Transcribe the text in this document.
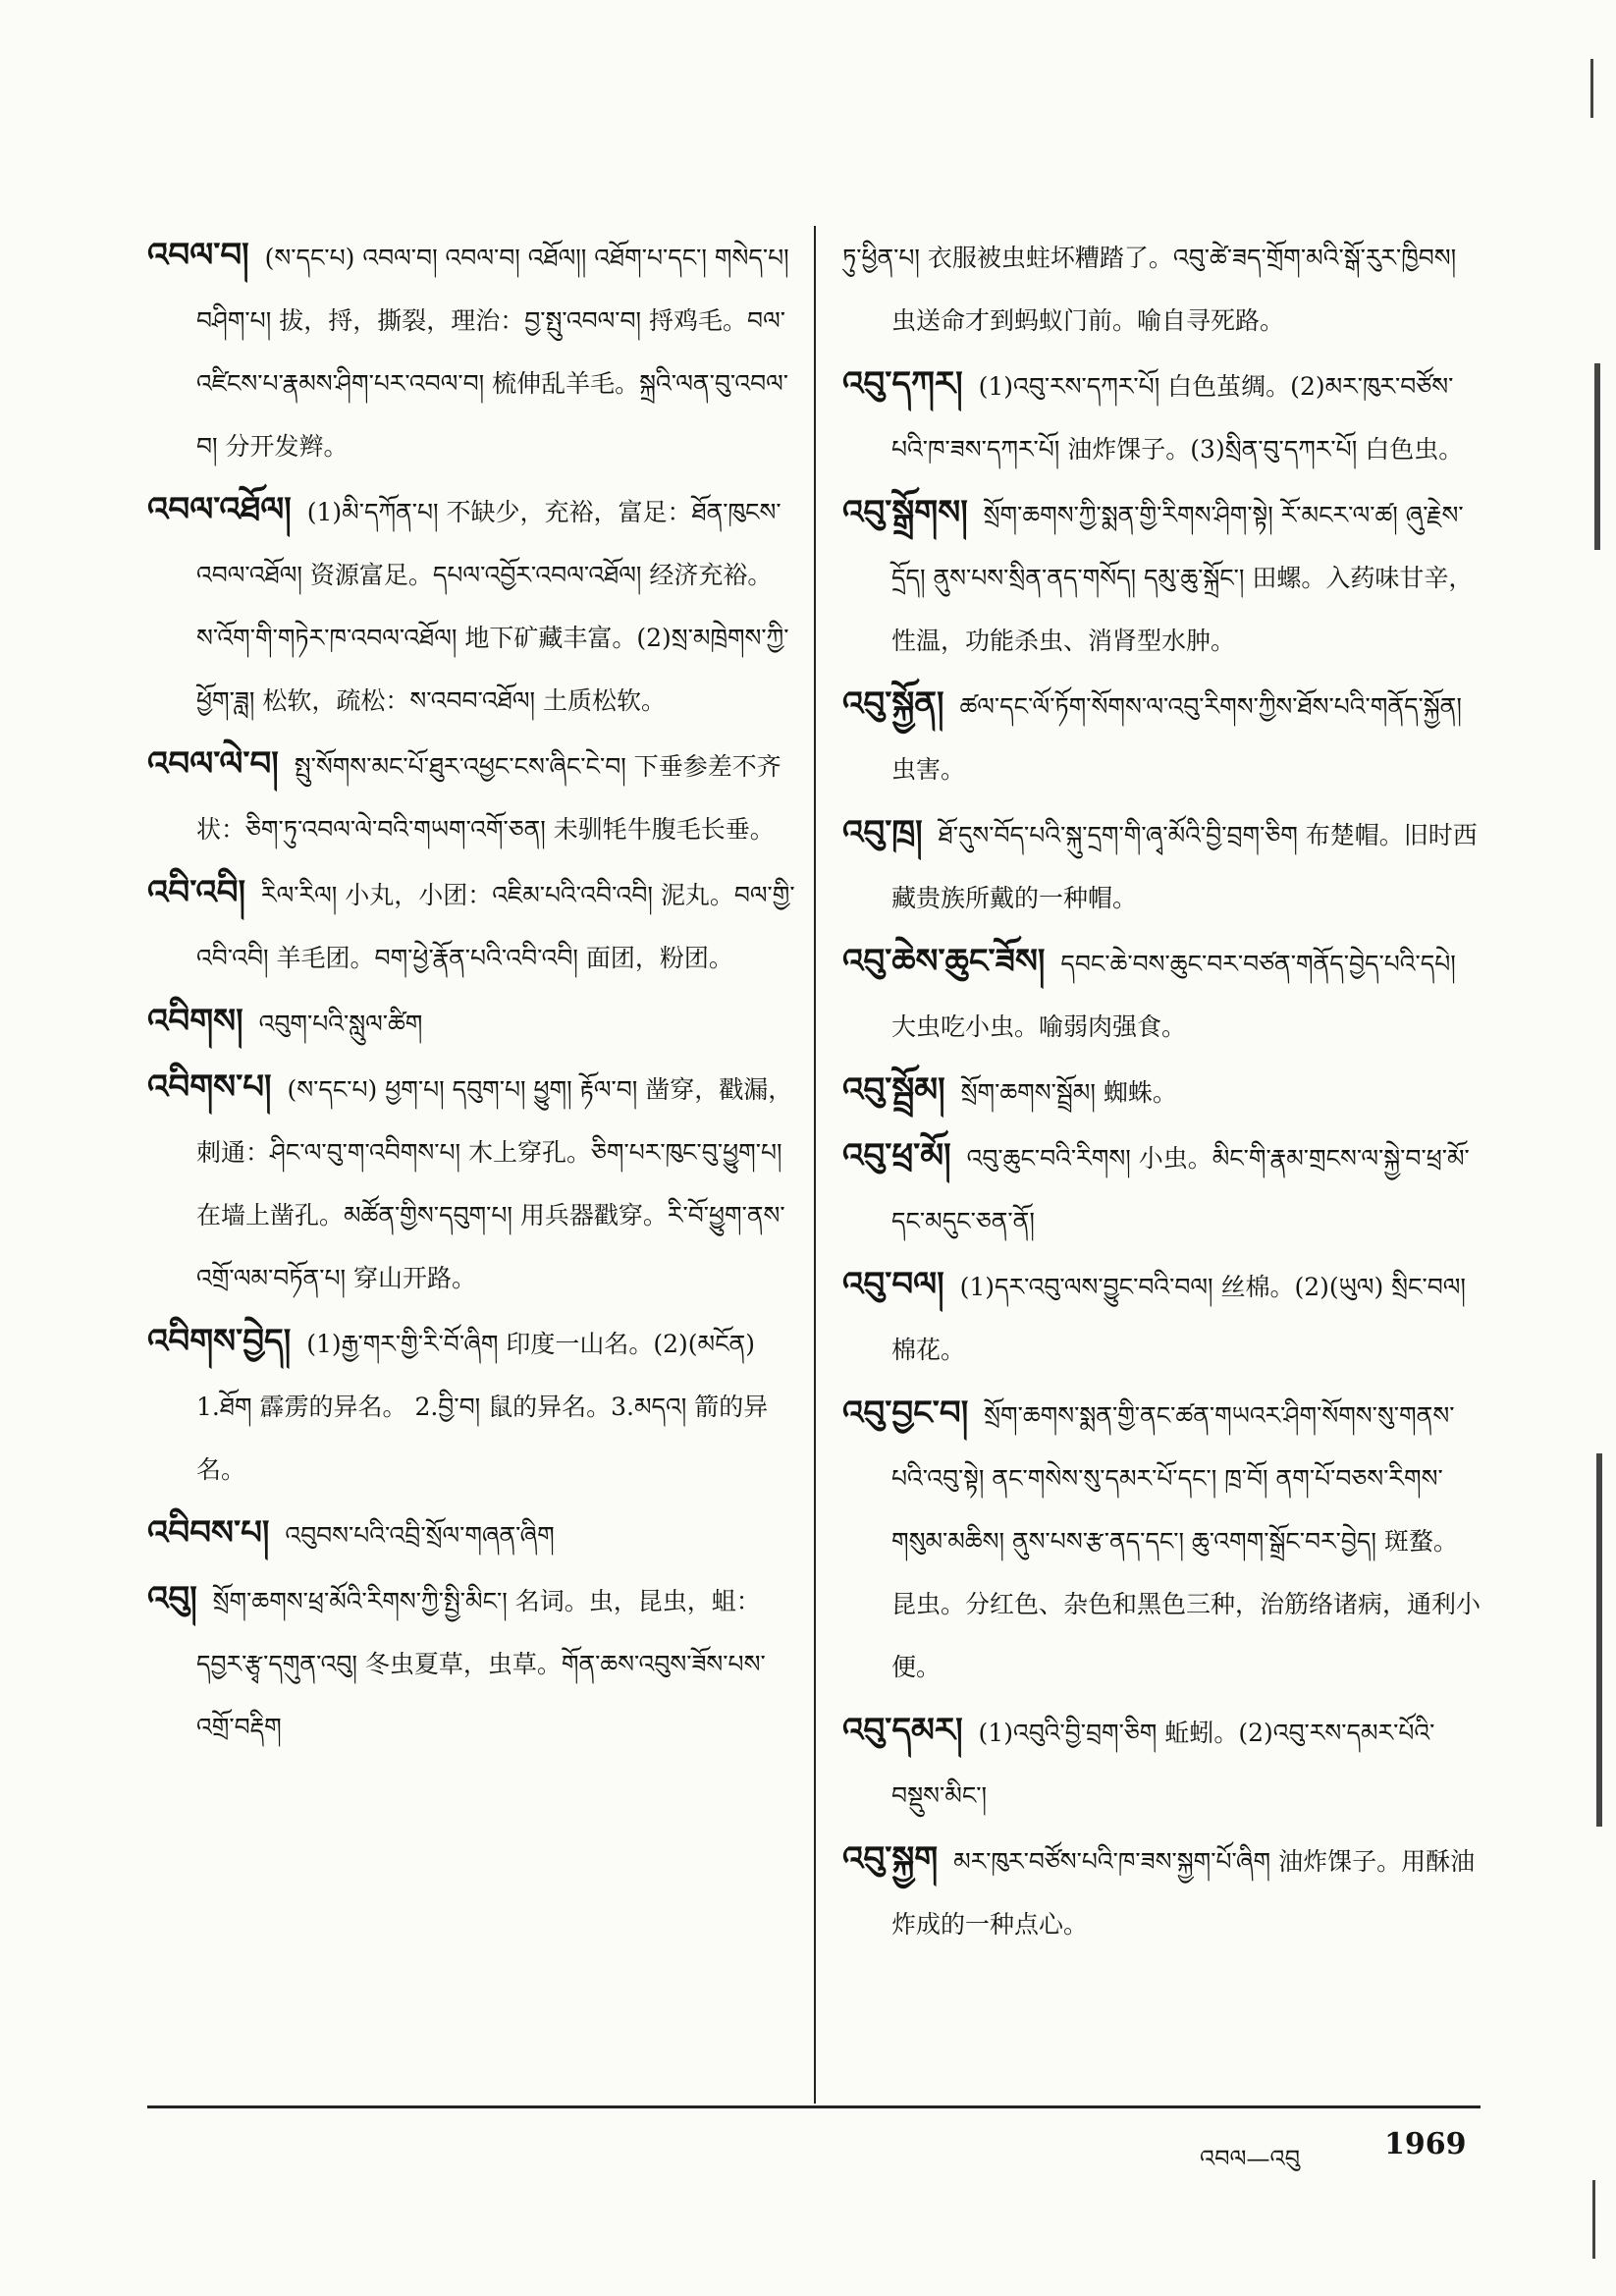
འབལ་བ། (ས་དང་པ) འབལ་བ། འབལ་བ། འཐོལ།། འཐོག་པ་དང་། གསེད་པ། བཤིག་པ། 拔，捋，撕裂，理治：བྱ་སྤུ་འབལ་བ། 捋鸡毛。བལ་འཛིངས་པ་རྣམས་ཤིག་པར་འབལ་བ། 梳伸乱羊毛。སྐྲའི་ལན་བུ་འབལ་བ། 分开发辫。

འབལ་འཐོལ། (1)མི་དཀོན་པ། 不缺少，充裕，富足：ཐོན་ཁུངས་འབལ་འཐོལ། 资源富足。དཔལ་འབྱོར་འབལ་འཐོལ། 经济充裕。 ས་འོག་གི་གཏེར་ཁ་འབལ་འཐོལ། 地下矿藏丰富。(2)སྲ་མཁྲེགས་ཀྱི་ཕྱོག་ཟླ། 松软，疏松：ས་འབབ་འཐོལ། 土质松软。

འབལ་ལེ་བ། སྤུ་སོགས་མང་པོ་ཐུར་འཕྱང་ངས་ཞིང་ངེ་བ། 下垂参差不齐状：ཅིག་ཏུ་འབལ་ལེ་བའི་གཡག་འགོ་ཅན། 未驯牦牛腹毛长垂。

འབི་འབི། རིལ་རིལ། 小丸，小团：འཇིམ་པའི་འབི་འབི། 泥丸。བལ་གྱི་འབི་འབི། 羊毛团。བག་ཕྱེ་རྣོན་པའི་འབི་འབི། 面团，粉团。

འབིགས། འབུག་པའི་སླུལ་ཚིག

འབིགས་པ། (ས་དང་པ) ཕྱག་པ། དབུག་པ། ཕྱུག། རྟོལ་བ། 凿穿，戳漏，刺通：ཤིང་ལ་བུ་ག་འབིགས་པ། 木上穿孔。ཅིག་པར་ཁུང་བུ་ཕྱུག་པ། 在墙上凿孔。མཚོན་གྱིས་དབུག་པ། 用兵器戳穿。རི་བོ་ཕྱུག་ནས་འགྲོ་ལམ་བཏོན་པ། 穿山开路。

འབིགས་བྱེད། (1)རྒྱ་གར་གྱི་རི་བོ་ཞིག 印度一山名。(2)(མངོན) 1.ཐོག 霹雳的异名。 2.བྱི་བ། 鼠的异名。3.མདའ། 箭的异名。

འབིབས་པ། འབུབས་པའི་འབྲི་སྲོལ་གཞན་ཞིག

འབུ། སྲོག་ཆགས་ཕྲ་མོའི་རིགས་ཀྱི་སྤྱི་མིང་། 名词。虫，昆虫，蛆：དབྱར་རྩྭ་དགུན་འབུ། 冬虫夏草，虫草。གོན་ཆས་འབུས་ཟོས་པས་འགྲོ་བརྡིག

ཏུ་ཕྱིན་པ། 衣服被虫蛀坏糟踏了。འབུ་ཚེ་ཟད་གྲོག་མའི་སྒོ་རུར་ཁྱིབས། 虫送命才到蚂蚁门前。喻自寻死路。

འབུ་དཀར། (1)འབུ་རས་དཀར་པོ། 白色茧绸。(2)མར་ཁུར་བཙོས་པའི་ཁ་ཟས་དཀར་པོ། 油炸馃子。(3)སྲིན་བུ་དཀར་པོ། 白色虫。

འབུ་སྒྲོགས། སྲོག་ཆགས་ཀྱི་སྨན་གྱི་རིགས་ཤིག་སྟེ། རོ་མངར་ལ་ཚ། ཞུ་རྗེས་དྲོད། ནུས་པས་སྲིན་ནད་གསོད། དམུ་ཆུ་སྐྲོང་། 田螺。入药味甘辛，性温，功能杀虫、消肾型水肿。

འབུ་སྐྱོན། ཚལ་དང་ལོ་ཏོག་སོགས་ལ་འབུ་རིགས་ཀྱིས་ཐོས་པའི་གནོད་སྐྱོན། 虫害。

འབུ་ཁྲ། ཐོ་དུས་བོད་པའི་སྐུ་དྲག་གི་ཞྭ་མོའི་བྱི་བྲག་ཅིག 布楚帽。旧时西藏贵族所戴的一种帽。

འབུ་ཆེས་ཆུང་ཟོས། དབང་ཆེ་བས་ཆུང་བར་བཙན་གནོད་བྱེད་པའི་དཔེ། 大虫吃小虫。喻弱肉强食。

འབུ་སྦྲོམ། སྲོག་ཆགས་སྦྲོམ། 蜘蛛。

འབུ་ཕྲ་མོ། འབུ་ཆུང་བའི་རིགས། 小虫。མིང་གི་རྣམ་གྲངས་ལ་སྐྱེ་བ་ཕྲ་མོ་དང་མདུང་ཅན་ནོ།

འབུ་བལ། (1)དར་འབུ་ལས་བྱུང་བའི་བལ། 丝棉。(2)(ཡུལ) སྲིང་བལ། 棉花。

འབུ་བྱང་བ། སྲོག་ཆགས་སྨན་གྱི་ནང་ཚན་གཡའར་ཤིག་སོགས་སུ་གནས་པའི་འབུ་སྟེ། ནང་གསེས་སུ་དམར་པོ་དང་། ཁྲ་བོ། ནག་པོ་བཅས་རིགས་གསུམ་མཆིས། ནུས་པས་རྩ་ནད་དང་། ཆུ་འགག་སྒྲོང་བར་བྱེད། 斑蝥。昆虫。分红色、杂色和黑色三种，治筋络诸病，通利小便。

འབུ་དམར། (1)འབུའི་བྱི་བྲག་ཅིག 蚯蚓。(2)འབུ་རས་དམར་པོའི་བསྡུས་མིང་།

འབུ་སྐྱག མར་ཁུར་བཙོས་པའི་ཁ་ཟས་སྐྱག་པོ་ཞིག 油炸馃子。用酥油炸成的一种点心。

འབལ—འབུ	1969
